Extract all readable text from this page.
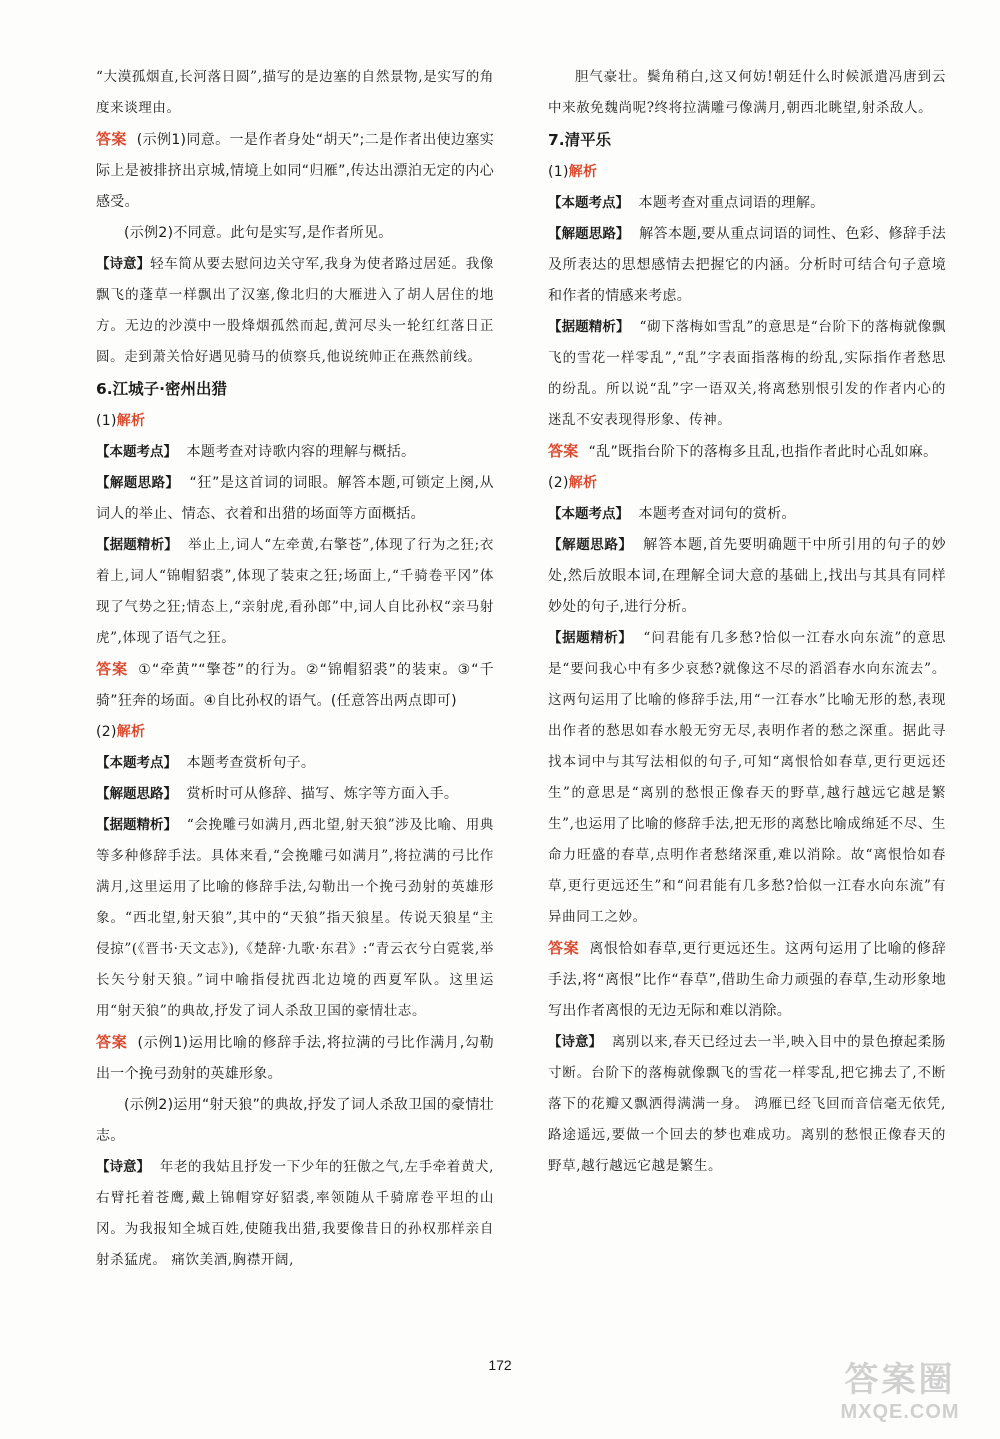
“大漠孤烟直,长河落日圆”,描写的是边塞的自然景物,是实写的角度来谈理由。

答案 (示例1)同意。一是作者身处“胡天”;二是作者出使边塞实际上是被排挤出京城,情境上如同“归雁”,传达出漂泊无定的内心感受。

(示例2)不同意。此句是实写,是作者所见。

【诗意】轻车简从要去慰问边关守军,我身为使者路过居延。我像飘飞的蓬草一样飘出了汉塞,像北归的大雁进入了胡人居住的地方。无边的沙漠中一股烽烟孤然而起,黄河尽头一轮红红落日正圆。走到萧关恰好遇见骑马的侦察兵,他说统帅正在燕然前线。

6.江城子·密州出猎

(1)解析

【本题考点】 本题考查对诗歌内容的理解与概括。

【解题思路】 “狂”是这首词的词眼。解答本题,可锁定上阕,从词人的举止、情态、衣着和出猎的场面等方面概括。

【据题精析】 举止上,词人“左牵黄,右擎苍”,体现了行为之狂;衣着上,词人“锦帽貂裘”,体现了装束之狂;场面上,“千骑卷平冈”体现了气势之狂;情态上,“亲射虎,看孙郎”中,词人自比孙权“亲马射虎”,体现了语气之狂。

答案 ①“牵黄”“擎苍”的行为。②“锦帽貂裘”的装束。③“千骑”狂奔的场面。④自比孙权的语气。(任意答出两点即可)

(2)解析

【本题考点】 本题考查赏析句子。

【解题思路】 赏析时可从修辞、描写、炼字等方面入手。

【据题精析】 “会挽雕弓如满月,西北望,射天狼”涉及比喻、用典等多种修辞手法。具体来看,“会挽雕弓如满月”,将拉满的弓比作满月,这里运用了比喻的修辞手法,勾勒出一个挽弓劲射的英雄形象。“西北望,射天狼”,其中的“天狼”指天狼星。传说天狼星“主侵掠”(《晋书·天文志》),《楚辞·九歌·东君》:“青云衣兮白霓裳,举长矢兮射天狼。”词中喻指侵扰西北边境的西夏军队。这里运用“射天狼”的典故,抒发了词人杀敌卫国的豪情壮志。

答案 (示例1)运用比喻的修辞手法,将拉满的弓比作满月,勾勒出一个挽弓劲射的英雄形象。

(示例2)运用“射天狼”的典故,抒发了词人杀敌卫国的豪情壮志。

【诗意】 年老的我姑且抒发一下少年的狂傲之气,左手牵着黄犬,右臂托着苍鹰,戴上锦帽穿好貂裘,率领随从千骑席卷平坦的山冈。为我报知全城百姓,使随我出猎,我要像昔日的孙权那样亲自射杀猛虎。 痛饮美酒,胸襟开阔,

胆气豪壮。鬓角稍白,这又何妨!朝廷什么时候派遣冯唐到云中来赦免魏尚呢?终将拉满雕弓像满月,朝西北眺望,射杀敌人。

7.清平乐

(1)解析

【本题考点】 本题考查对重点词语的理解。

【解题思路】 解答本题,要从重点词语的词性、色彩、修辞手法及所表达的思想感情去把握它的内涵。分析时可结合句子意境和作者的情感来考虑。

【据题精析】 “砌下落梅如雪乱”的意思是“台阶下的落梅就像飘飞的雪花一样零乱”,“乱”字表面指落梅的纷乱,实际指作者愁思的纷乱。所以说“乱”字一语双关,将离愁别恨引发的作者内心的迷乱不安表现得形象、传神。

答案 “乱”既指台阶下的落梅多且乱,也指作者此时心乱如麻。

(2)解析

【本题考点】 本题考查对词句的赏析。

【解题思路】 解答本题,首先要明确题干中所引用的句子的妙处,然后放眼本词,在理解全词大意的基础上,找出与其具有同样妙处的句子,进行分析。

【据题精析】 “问君能有几多愁?恰似一江春水向东流”的意思是“要问我心中有多少哀愁?就像这不尽的滔滔春水向东流去”。这两句运用了比喻的修辞手法,用“一江春水”比喻无形的愁,表现出作者的愁思如春水般无穷无尽,表明作者的愁之深重。据此寻找本词中与其写法相似的句子,可知“离恨恰如春草,更行更远还生”的意思是“离别的愁恨正像春天的野草,越行越远它越是繁生”,也运用了比喻的修辞手法,把无形的离愁比喻成绵延不尽、生命力旺盛的春草,点明作者愁绪深重,难以消除。故“离恨恰如春草,更行更远还生”和“问君能有几多愁?恰似一江春水向东流”有异曲同工之妙。

答案 离恨恰如春草,更行更远还生。这两句运用了比喻的修辞手法,将“离恨”比作“春草”,借助生命力顽强的春草,生动形象地写出作者离恨的无边无际和难以消除。

【诗意】 离别以来,春天已经过去一半,映入目中的景色撩起柔肠寸断。台阶下的落梅就像飘飞的雪花一样零乱,把它拂去了,不断落下的花瓣又飘洒得满满一身。 鸿雁已经飞回而音信毫无依凭,路途遥远,要做一个回去的梦也难成功。离别的愁恨正像春天的野草,越行越远它越是繁生。

172	答案圈
MXQE.COM
